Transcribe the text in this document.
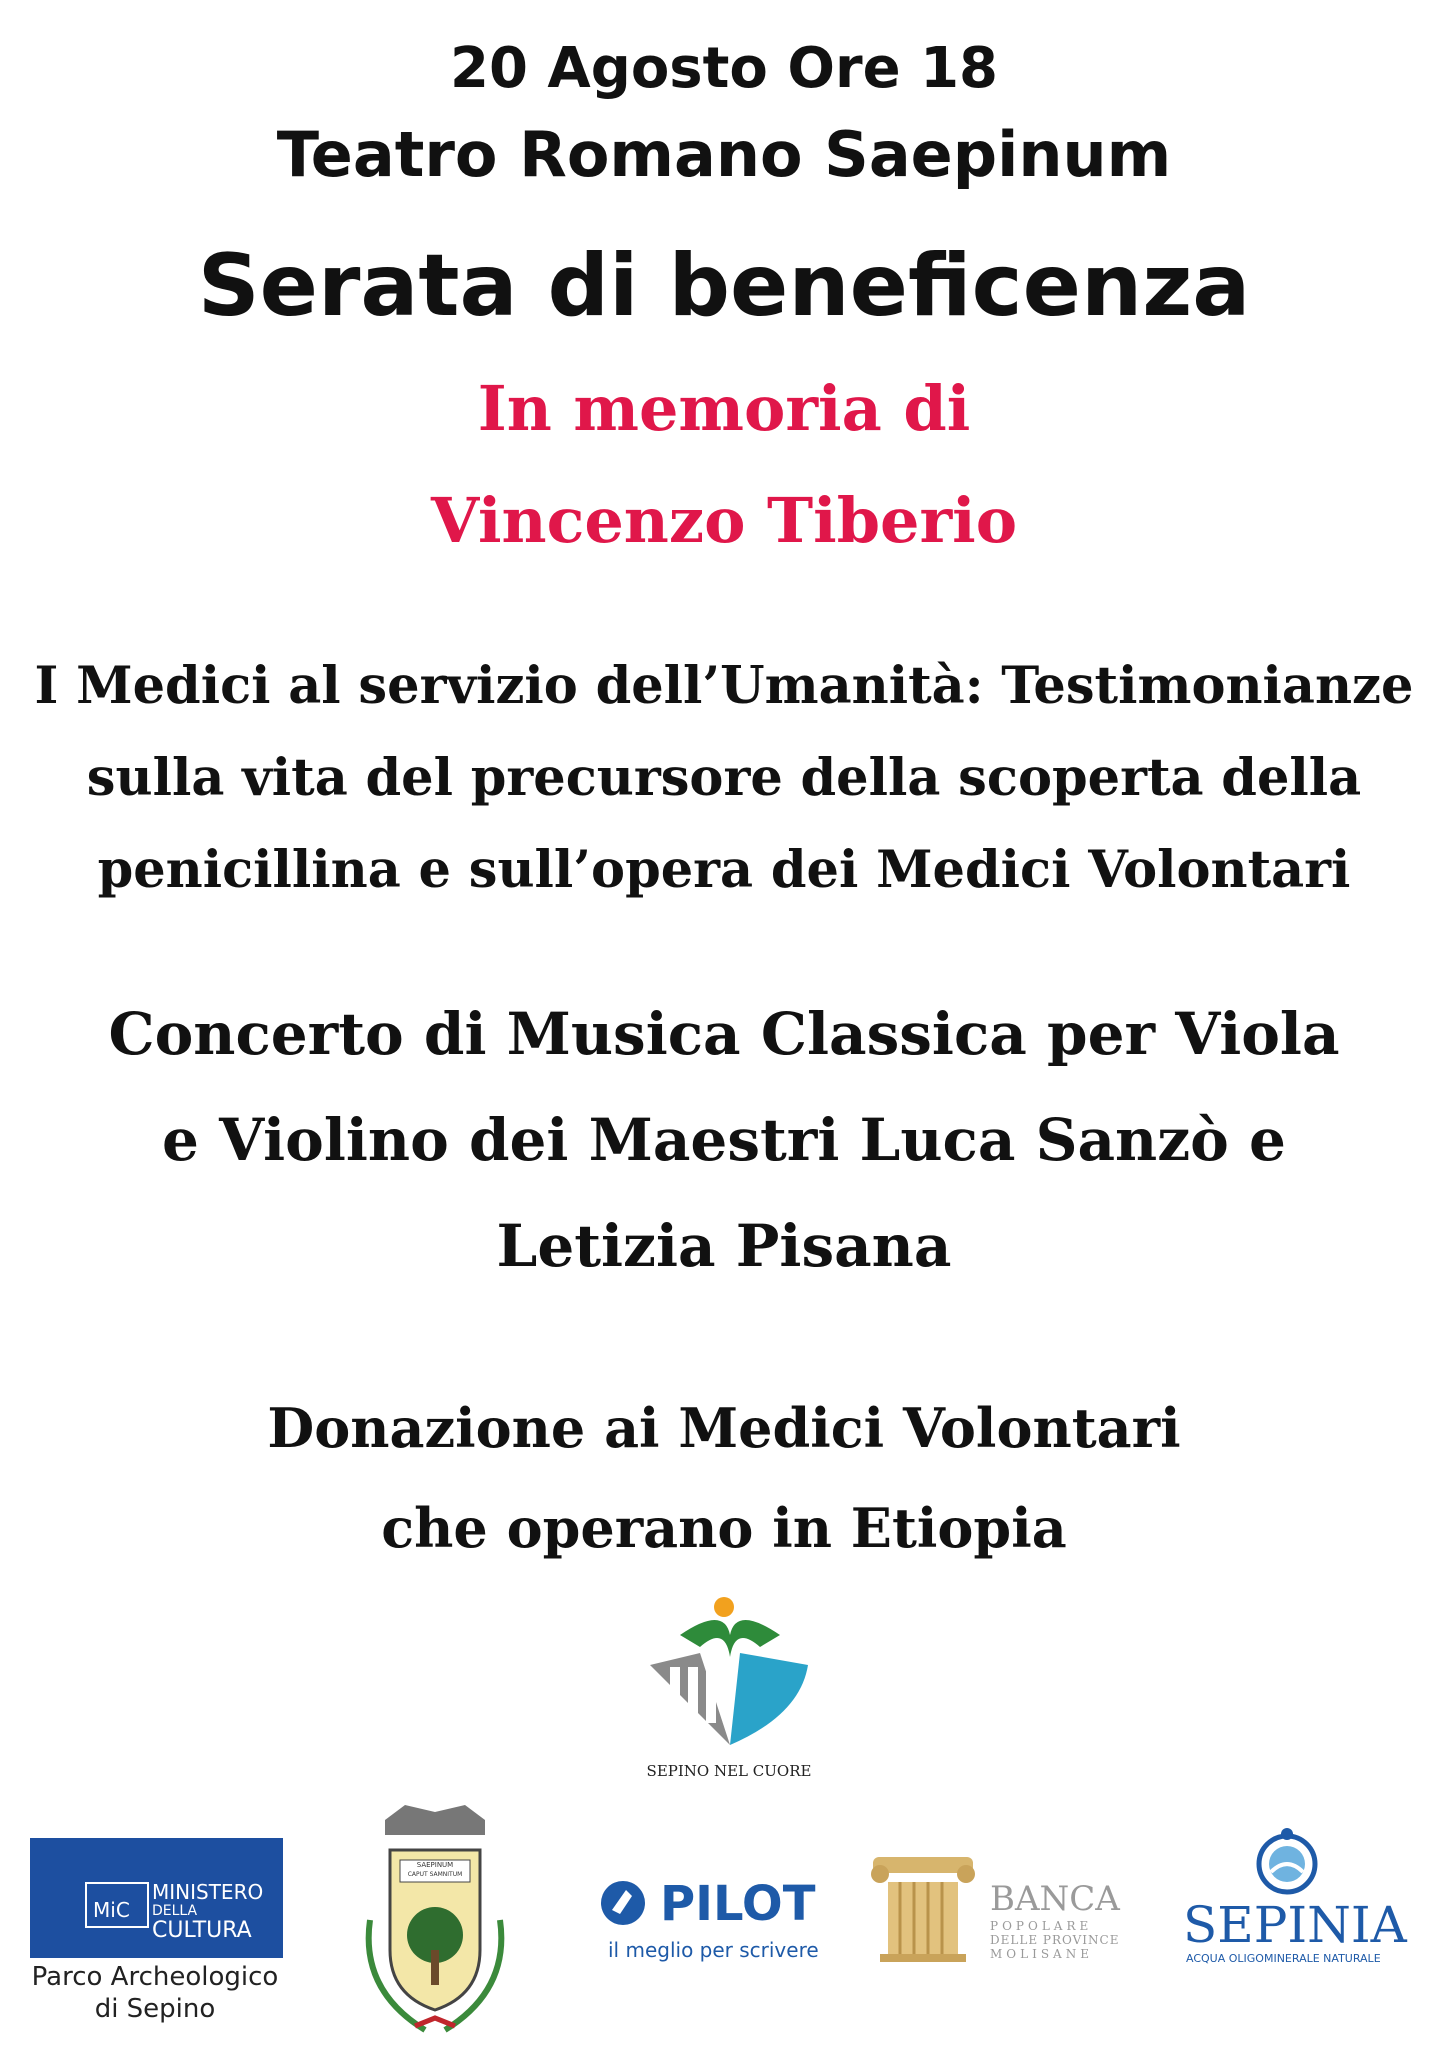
20 Agosto Ore 18
Teatro Romano Saepinum
Serata di beneficenza
In memoria di
Vincenzo Tiberio
I Medici al servizio dell’Umanità: Testimonianze
sulla vita del precursore della scoperta della
penicillina e sull’opera dei Medici Volontari
Concerto di Musica Classica per Viola
e Violino dei Maestri Luca Sanzò e
Letizia Pisana
Donazione ai Medici Volontari
che operano in Etiopia
SEPINO NEL CUORE
MiC
MINISTERO
DELLA
CULTURA
Parco Archeologico
di Sepino
SAEPINUM
CAPUT SAMNITUM
PILOT
il meglio per scrivere
BANCA
POPOLARE
DELLE PROVINCE
MOLISANE SEPINIA
ACQUA OLIGOMINERALE NATURALE
